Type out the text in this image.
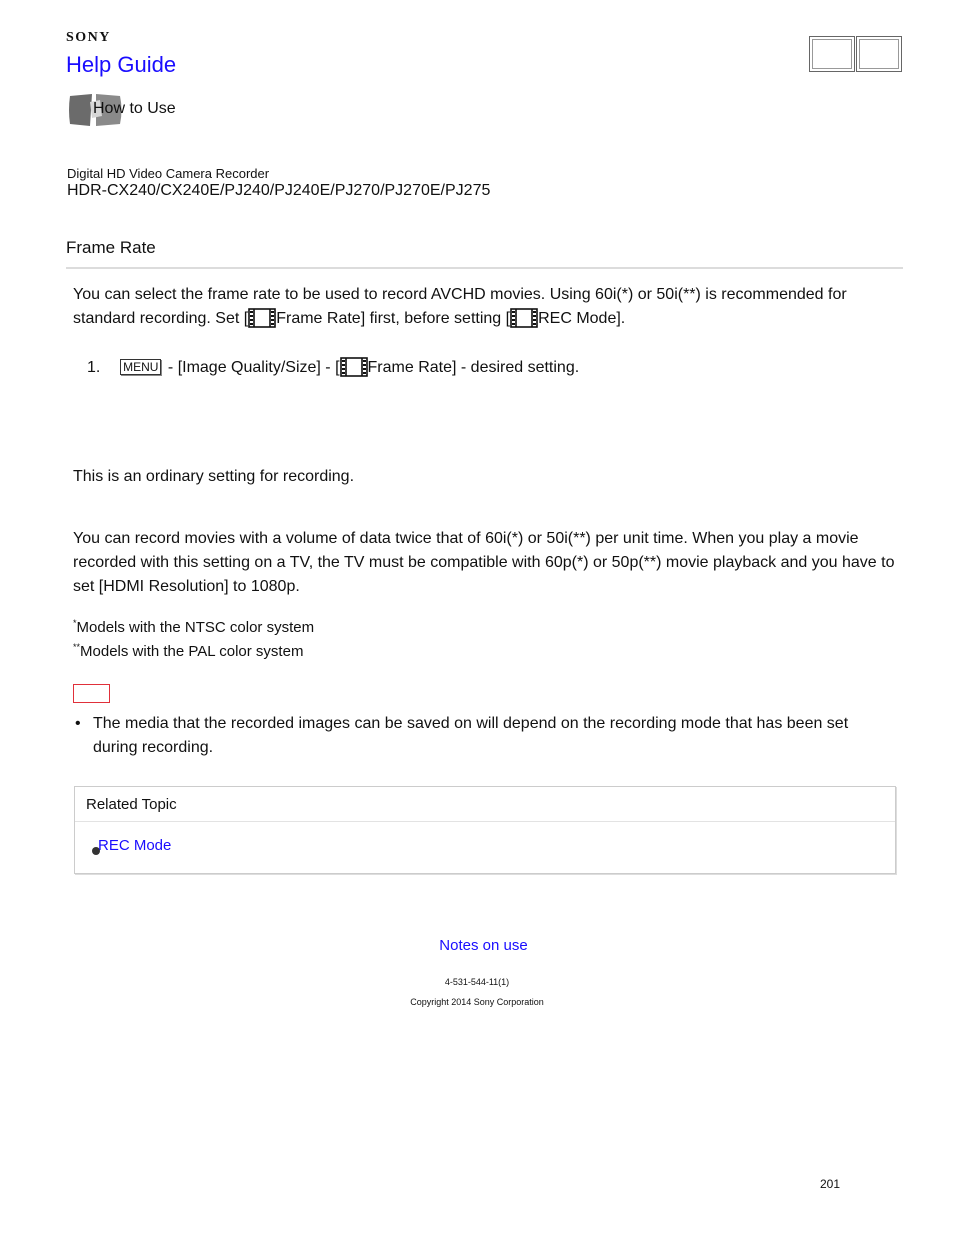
SONY
Help Guide
How to Use
Digital HD Video Camera Recorder
HDR-CX240/CX240E/PJ240/PJ240E/PJ270/PJ270E/PJ275
Frame Rate
You can select the frame rate to be used to record AVCHD movies. Using 60i(*) or 50i(**) is recommended for standard recording. Set [ Frame Rate] first, before setting [ REC Mode].
1. MENU - [Image Quality/Size] - [ Frame Rate] - desired setting.
This is an ordinary setting for recording.
You can record movies with a volume of data twice that of 60i(*) or 50i(**) per unit time. When you play a movie recorded with this setting on a TV, the TV must be compatible with 60p(*) or 50p(**) movie playback and you have to set [HDMI Resolution] to 1080p.
*Models with the NTSC color system
**Models with the PAL color system
• The media that the recorded images can be saved on will depend on the recording mode that has been set during recording.
Related Topic
REC Mode
Notes on use
4-531-544-11(1)
Copyright 2014 Sony Corporation
201
